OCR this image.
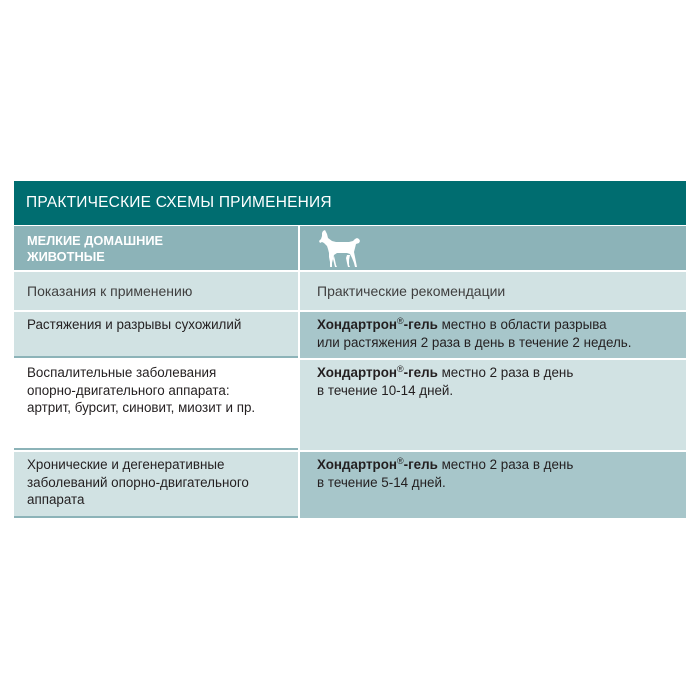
ПРАКТИЧЕСКИЕ СХЕМЫ ПРИМЕНЕНИЯ
МЕЛКИЕ ДОМАШНИЕ
ЖИВОТНЫЕ
Показания к применению	Практические рекомендации
Растяжения и разрывы сухожилий	Хондартрон®-гель местно в области разрыва
или растяжения 2 раза в день в течение 2 недель.
Воспалительные заболевания
опорно-двигательного аппарата:
артрит, бурсит, синовит, миозит и пр.
Хондартрон®-гель местно 2 раза в день
в течение 10-14 дней.
Хронические и дегенеративные
заболеваний опорно-двигательного
аппарата
Хондартрон®-гель местно 2 раза в день
в течение 5-14 дней.
